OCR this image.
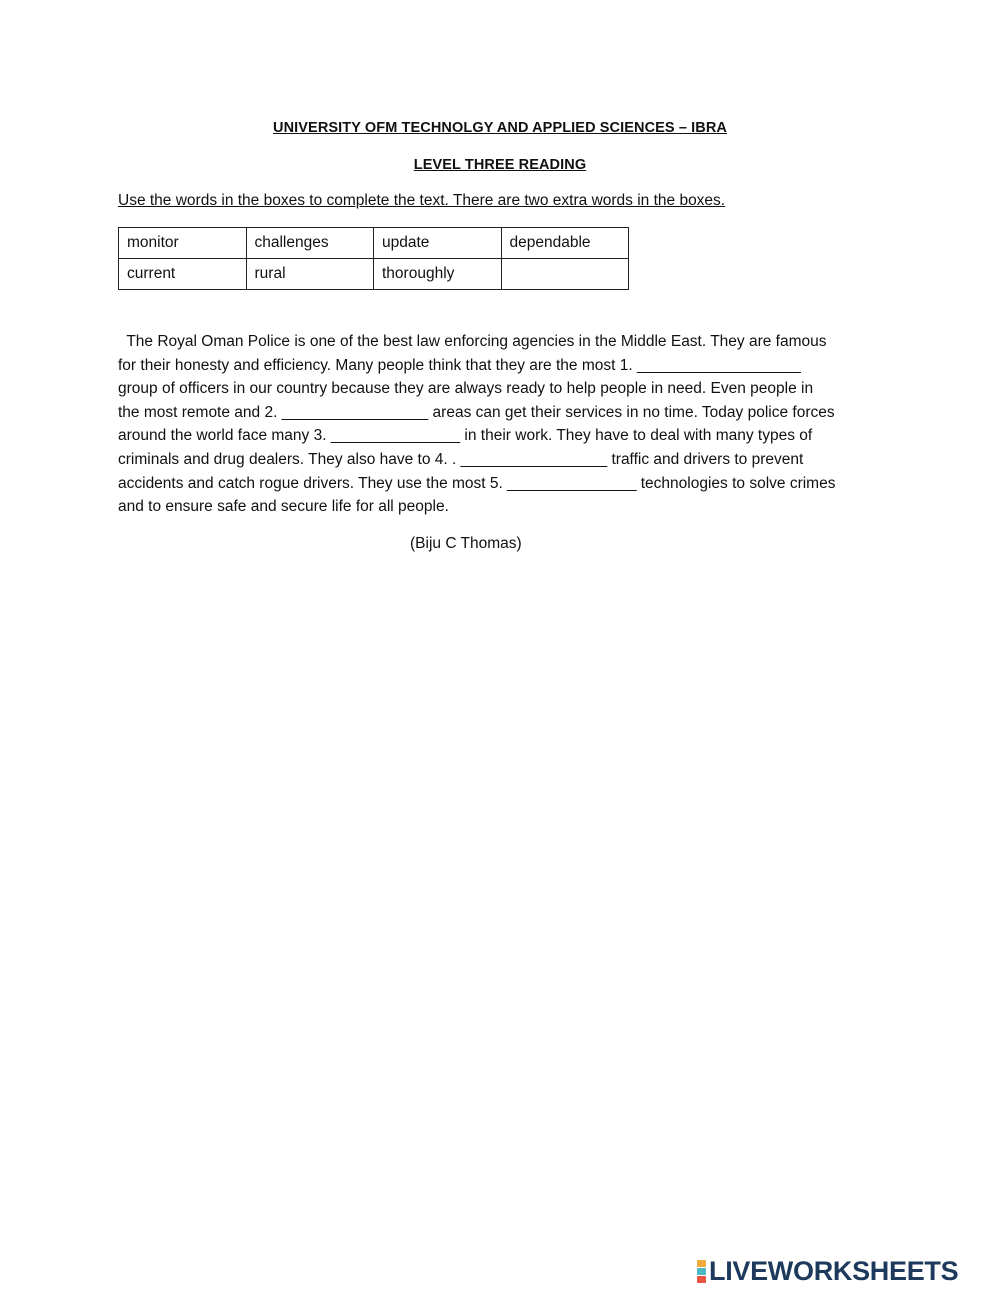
UNIVERSITY OFM TECHNOLGY AND APPLIED SCIENCES – IBRA
LEVEL THREE READING
Use the words in the boxes to complete the text. There are two extra words in the boxes.
monitor	challenges	update	dependable
current	rural	thoroughly	
The Royal Oman Police is one of the best law enforcing agencies in the Middle East. They are famous
for their honesty and efficiency. Many people think that they are the most 1. ___________________
group of officers in our country because they are always ready to help people in need. Even people in
the most remote and 2. _________________ areas can get their services in no time. Today police forces
around the world face many 3. _______________ in their work. They have to deal with many types of
criminals and drug dealers. They also have to 4. . _________________ traffic and drivers to prevent
accidents and catch rogue drivers. They use the most 5. _______________ technologies to solve crimes
and to ensure safe and secure life for all people.
(Biju C Thomas)
LIVEWORKSHEETS
